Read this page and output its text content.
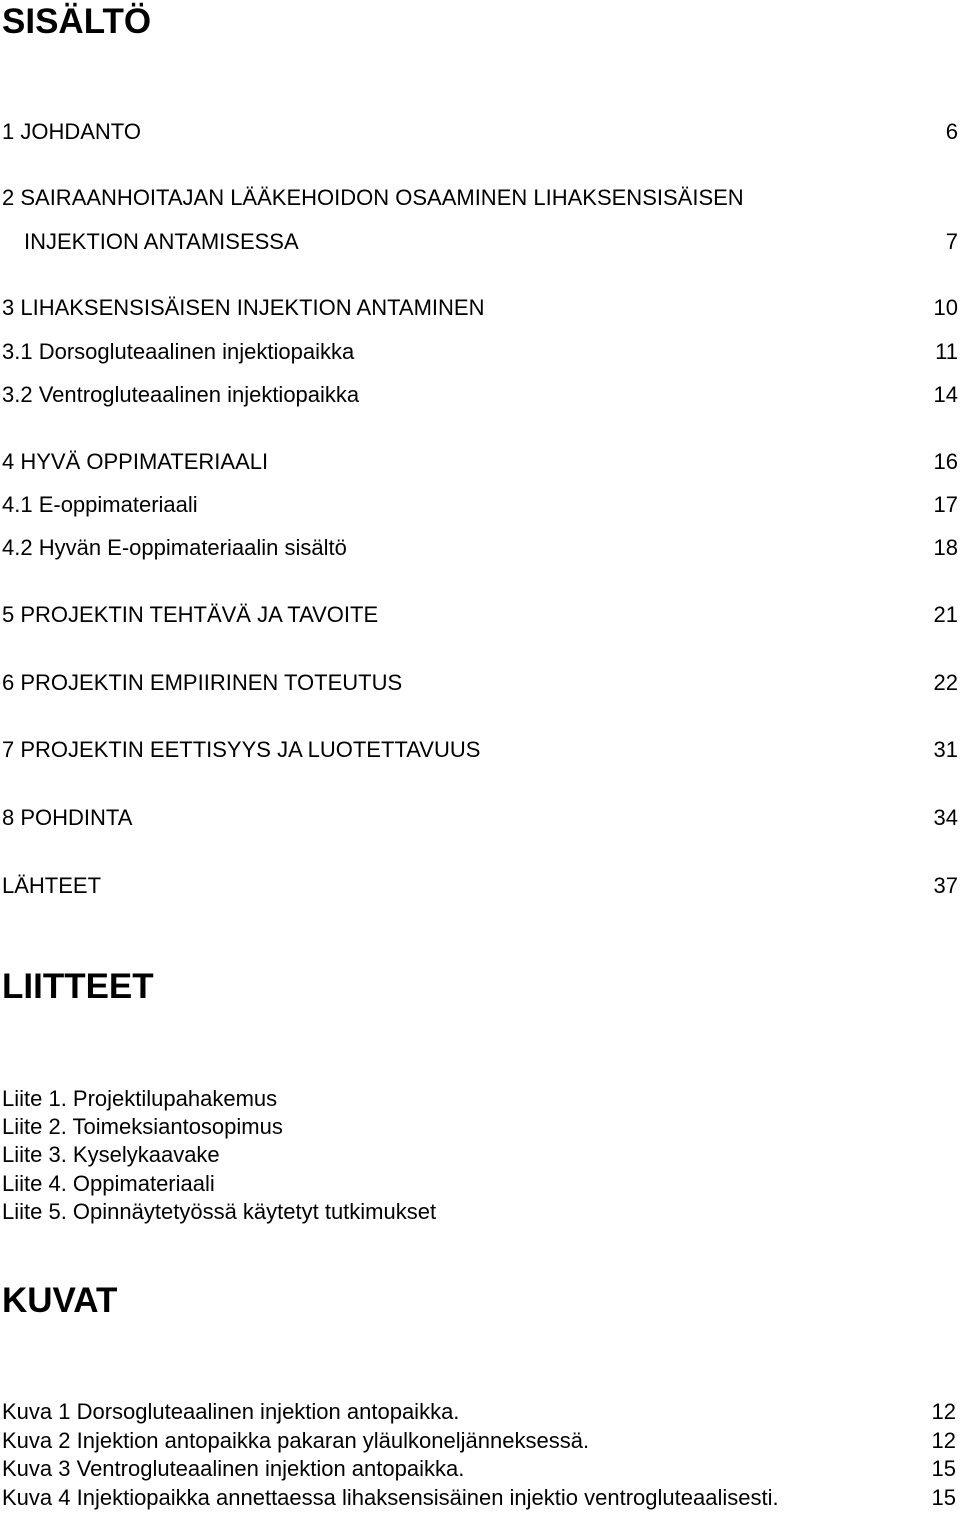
SISÄLTÖ
1 JOHDANTO	6
2 SAIRAANHOITAJAN LÄÄKEHOIDON OSAAMINEN LIHAKSENSISÄISEN
INJEKTION ANTAMISESSA	7
3 LIHAKSENSISÄISEN INJEKTION ANTAMINEN	10
3.1 Dorsogluteaalinen injektiopaikka	11
3.2 Ventrogluteaalinen injektiopaikka	14
4 HYVÄ OPPIMATERIAALI	16
4.1 E-oppimateriaali	17
4.2 Hyvän E-oppimateriaalin sisältö	18
5 PROJEKTIN TEHTÄVÄ JA TAVOITE	21
6 PROJEKTIN EMPIIRINEN TOTEUTUS	22
7 PROJEKTIN EETTISYYS JA LUOTETTAVUUS	31
8 POHDINTA	34
LÄHTEET	37
LIITTEET
Liite 1. Projektilupahakemus
Liite 2. Toimeksiantosopimus
Liite 3. Kyselykaavake
Liite 4. Oppimateriaali
Liite 5. Opinnäytetyössä käytetyt tutkimukset
KUVAT
Kuva 1 Dorsogluteaalinen injektion antopaikka.	12
Kuva 2 Injektion antopaikka pakaran yläulkoneljänneksessä.	12
Kuva 3 Ventrogluteaalinen injektion antopaikka.	15
Kuva 4 Injektiopaikka annettaessa lihaksensisäinen injektio ventrogluteaalisesti.	15
